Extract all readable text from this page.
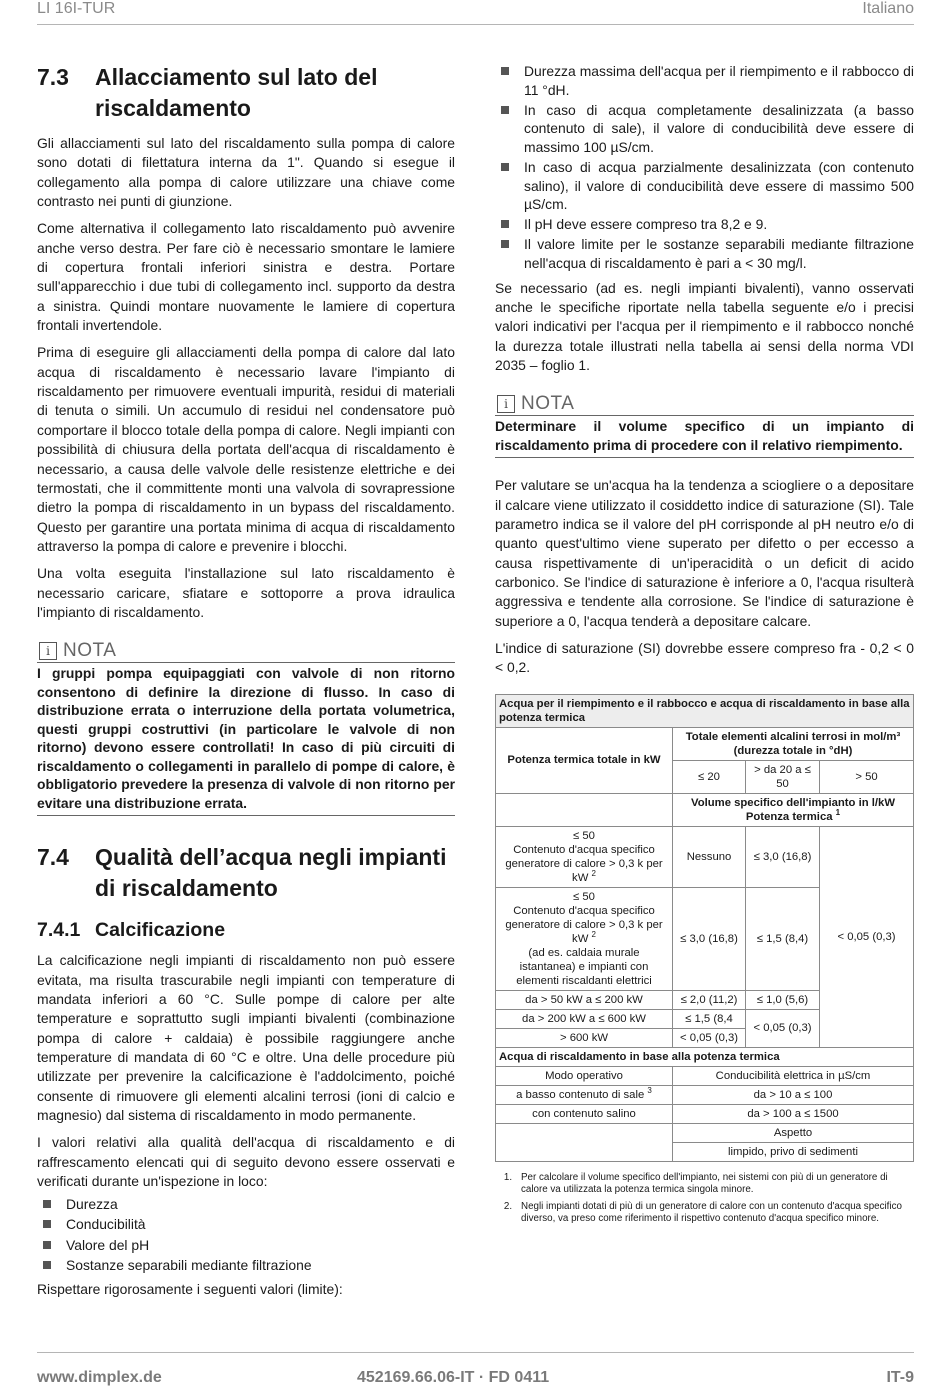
LI 16I-TUR	Italiano
7.3	Allacciamento sul lato del riscaldamento

Gli allacciamenti sul lato del riscaldamento sulla pompa di calore sono dotati di filettatura interna da 1". Quando si esegue il collegamento alla pompa di calore utilizzare una chiave come contrasto nei punti di giunzione.

Come alternativa il collegamento lato riscaldamento può avvenire anche verso destra. Per fare ciò è necessario smontare le lamiere di copertura frontali inferiori sinistra e destra. Portare sull'apparecchio i due tubi di collegamento incl. supporto da destra a sinistra. Quindi montare nuovamente le lamiere di copertura frontali invertendole.

Prima di eseguire gli allacciamenti della pompa di calore dal lato acqua di riscaldamento è necessario lavare l'impianto di riscaldamento per rimuovere eventuali impurità, residui di materiali di tenuta o simili. Un accumulo di residui nel condensatore può comportare il blocco totale della pompa di calore. Negli impianti con possibilità di chiusura della portata dell'acqua di riscaldamento è necessario, a causa delle valvole delle resistenze elettriche e dei termostati, che il committente monti una valvola di sovrapressione dietro la pompa di riscaldamento in un bypass del riscaldamento. Questo per garantire una portata minima di acqua di riscaldamento attraverso la pompa di calore e prevenire i blocchi.

Una volta eseguita l'installazione sul lato riscaldamento è necessario caricare, sfiatare e sottoporre a prova idraulica l'impianto di riscaldamento.

i NOTA
I gruppi pompa equipaggiati con valvole di non ritorno consentono di definire la direzione di flusso. In caso di distribuzione errata o interruzione della portata volumetrica, questi gruppi costruttivi (in particolare le valvole di non ritorno) devono essere controllati! In caso di più circuiti di riscaldamento o collegamenti in parallelo di pompe di calore, è obbligatorio prevedere la presenza di valvole di non ritorno per evitare una distribuzione errata.
7.4	Qualità dell’acqua negli impianti di riscaldamento
7.4.1 Calcificazione

La calcificazione negli impianti di riscaldamento non può essere evitata, ma risulta trascurabile negli impianti con temperature di mandata inferiori a 60 °C. Sulle pompe di calore per alte temperature e soprattutto sugli impianti bivalenti (combinazione pompa di calore + caldaia) è possibile raggiungere anche temperature di mandata di 60 °C e oltre. Una delle procedure più utilizzate per prevenire la calcificazione è l'addolcimento, poiché consente di rimuovere gli elementi alcalini terrosi (ioni di calcio e magnesio) dal sistema di riscaldamento in modo permanente.

I valori relativi alla qualità dell'acqua di riscaldamento e di raffrescamento elencati qui di seguito devono essere osservati e verificati durante un'ispezione in loco:

Durezza
Conducibilità
Valore del pH
Sostanze separabili mediante filtrazione

Rispettare rigorosamente i seguenti valori (limite):

Durezza massima dell'acqua per il riempimento e il rabbocco di 11 °dH.
In caso di acqua completamente desalinizzata (a basso contenuto di sale), il valore di conducibilità deve essere di massimo 100 µS/cm.
In caso di acqua parzialmente desalinizzata (con contenuto salino), il valore di conducibilità deve essere di massimo 500 µS/cm.
Il pH deve essere compreso tra 8,2 e 9.
Il valore limite per le sostanze separabili mediante filtrazione nell'acqua di riscaldamento è pari a < 30 mg/l.

Se necessario (ad es. negli impianti bivalenti), vanno osservati anche le specifiche riportate nella tabella seguente e/o i precisi valori indicativi per l'acqua per il riempimento e il rabbocco nonché la durezza totale illustrati nella tabella ai sensi della norma VDI 2035 – foglio 1.

i NOTA
Determinare il volume specifico di un impianto di riscaldamento prima di procedere con il relativo riempimento.

Per valutare se un'acqua ha la tendenza a sciogliere o a depositare il calcare viene utilizzato il cosiddetto indice di saturazione (SI). Tale parametro indica se il valore del pH corrisponde al pH neutro e/o di quanto quest'ultimo viene superato per difetto o per eccesso a causa rispettivamente di un'iperacidità o un deficit di acido carbonico. Se l'indice di saturazione è inferiore a 0, l'acqua risulterà aggressiva e tendente alla corrosione. Se l'indice di saturazione è superiore a 0, l'acqua tenderà a depositare calcare.

L'indice di saturazione (SI) dovrebbe essere compreso fra - 0,2 < 0 < 0,2.

Acqua per il riempimento e il rabbocco e acqua di riscaldamento in base alla potenza termica			
Potenza termica totale in kW	Totale elementi alcalini terrosi in mol/m³ (durezza totale in °dH)		
	≤ 20	> da 20 a ≤ 50	> 50
	Volume specifico dell'impianto in l/kW Potenza termica $^1$
≤ 50
Contenuto d'acqua specifico generatore di calore > 0,3 k per kW $^2$	Nessuno	≤ 3,0 (16,8)	< 0,05 (0,3)
≤ 50
Contenuto d'acqua specifico generatore di calore > 0,3 k per kW $^2$
(ad es. caldaia murale istantanea) e impianti con elementi riscaldanti elettrici	≤ 3,0 (16,8)	≤ 1,5 (8,4)	
da > 50 kW a ≤ 200 kW	≤ 2,0 (11,2)	≤ 1,0 (5,6)	
da > 200 kW a ≤ 600 kW	≤ 1,5 (8,4	< 0,05 (0,3)	
> 600 kW	< 0,05 (0,3)		
Acqua di riscaldamento in base alla potenza termica			
Modo operativo	Conducibilità elettrica in µS/cm		
a basso contenuto di sale $^3$	da > 10 a ≤ 100		
con contenuto salino	da > 100 a ≤ 1500		
	Aspetto		
	limpido, privo di sedimenti		
1. Per calcolare il volume specifico dell'impianto, nei sistemi con più di un generatore di calore va utilizzata la potenza termica singola minore.
2. Negli impianti dotati di più di un generatore di calore con un contenuto d'acqua specifico diverso, va preso come riferimento il rispettivo contenuto d'acqua specifico minore.
www.dimplex.de	452169.66.06-IT · FD 0411	IT-9
